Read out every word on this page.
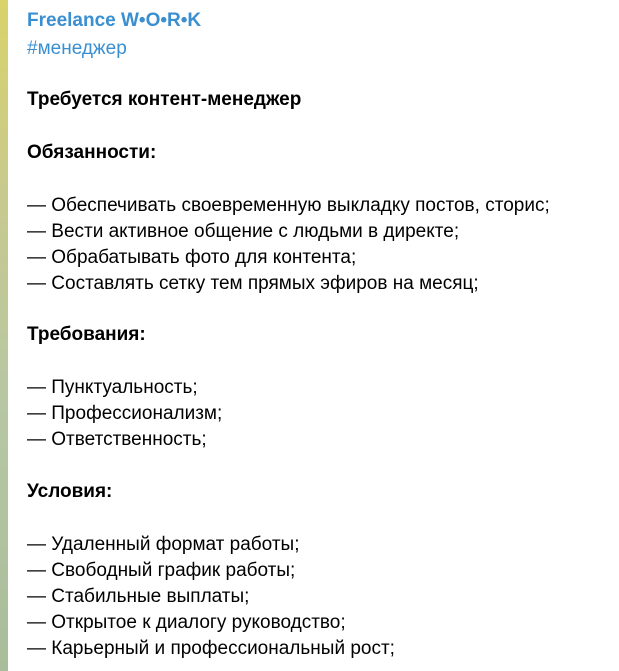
Freelance W•O•R•K
#менеджер
Требуется контент-менеджер
Обязанности:
— Обеспечивать своевременную выкладку постов, сторис;
— Вести активное общение с людьми в директе;
— Обрабатывать фото для контента;
— Составлять сетку тем прямых эфиров на месяц;
Требования:
— Пунктуальность;
— Профессионализм;
— Ответственность;
Условия:
— Удаленный формат работы;
— Свободный график работы;
— Стабильные выплаты;
— Открытое к диалогу руководство;
— Карьерный и профессиональный рост;
